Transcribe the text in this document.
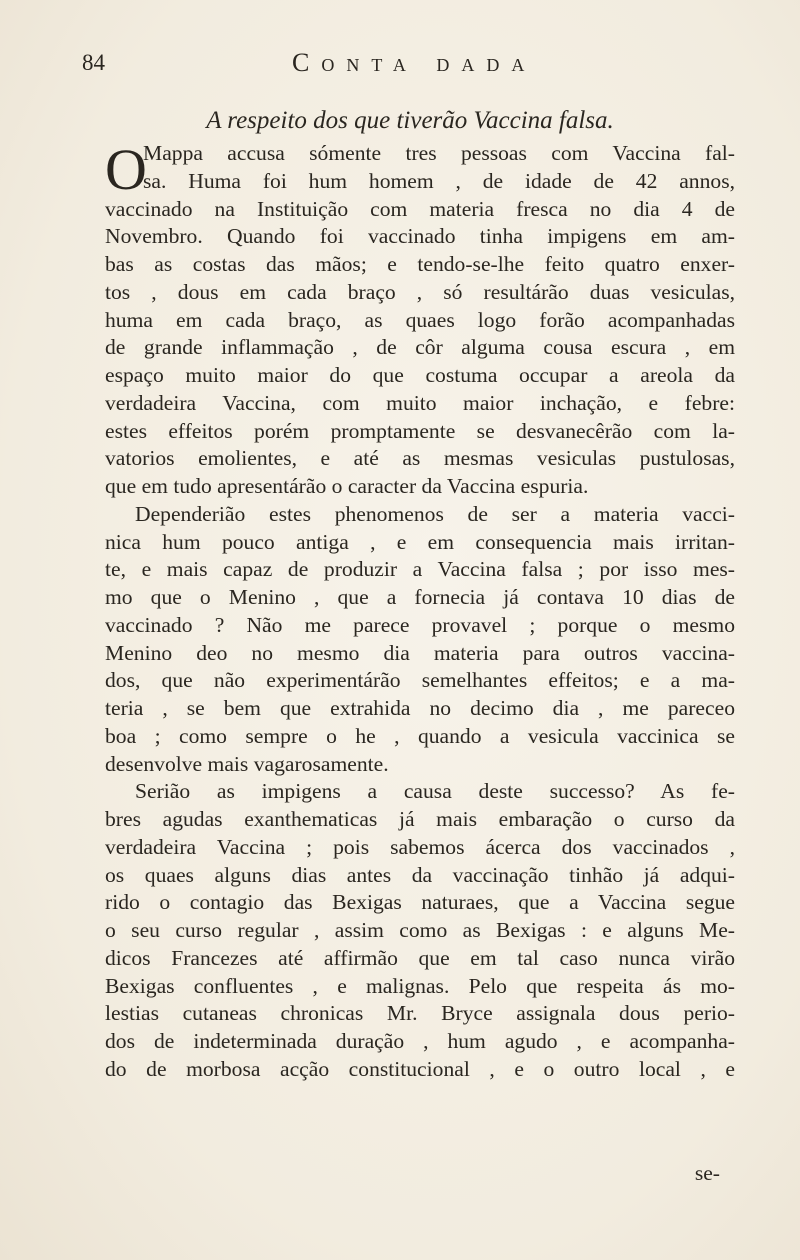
84	Conta dada
A respeito dos que tiverão Vaccina falsa.
O
Mappa accusa sómente tres pessoas com Vaccina fal-
sa. Huma foi hum homem , de idade de 42 annos,
vaccinado na Instituição com materia fresca no dia 4 de
Novembro. Quando foi vaccinado tinha impigens em am-
bas as costas das mãos; e tendo-se-lhe feito quatro enxer-
tos , dous em cada braço , só resultárão duas vesiculas,
huma em cada braço, as quaes logo forão acompanhadas
de grande inflammação , de côr alguma cousa escura , em
espaço muito maior do que costuma occupar a areola da
verdadeira Vaccina, com muito maior inchação, e febre:
estes effeitos porém promptamente se desvanecêrão com la-
vatorios emolientes, e até as mesmas vesiculas pustulosas,
que em tudo apresentárão o caracter da Vaccina espuria.
Dependerião estes phenomenos de ser a materia vacci-
nica hum pouco antiga , e em consequencia mais irritan-
te, e mais capaz de produzir a Vaccina falsa ; por isso mes-
mo que o Menino , que a fornecia já contava 10 dias de
vaccinado ? Não me parece provavel ; porque o mesmo
Menino deo no mesmo dia materia para outros vaccina-
dos, que não experimentárão semelhantes effeitos; e a ma-
teria , se bem que extrahida no decimo dia , me pareceo
boa ; como sempre o he , quando a vesicula vaccinica se
desenvolve mais vagarosamente.
Serião as impigens a causa deste successo? As fe-
bres agudas exanthematicas já mais embaração o curso da
verdadeira Vaccina ; pois sabemos ácerca dos vaccinados ,
os quaes alguns dias antes da vaccinação tinhão já adqui-
rido o contagio das Bexigas naturaes, que a Vaccina segue
o seu curso regular , assim como as Bexigas : e alguns Me-
dicos Francezes até affirmão que em tal caso nunca virão
Bexigas confluentes , e malignas. Pelo que respeita ás mo-
lestias cutaneas chronicas Mr. Bryce assignala dous perio-
dos de indeterminada duração , hum agudo , e acompanha-
do de morbosa acção constitucional , e o outro local , e
se-
